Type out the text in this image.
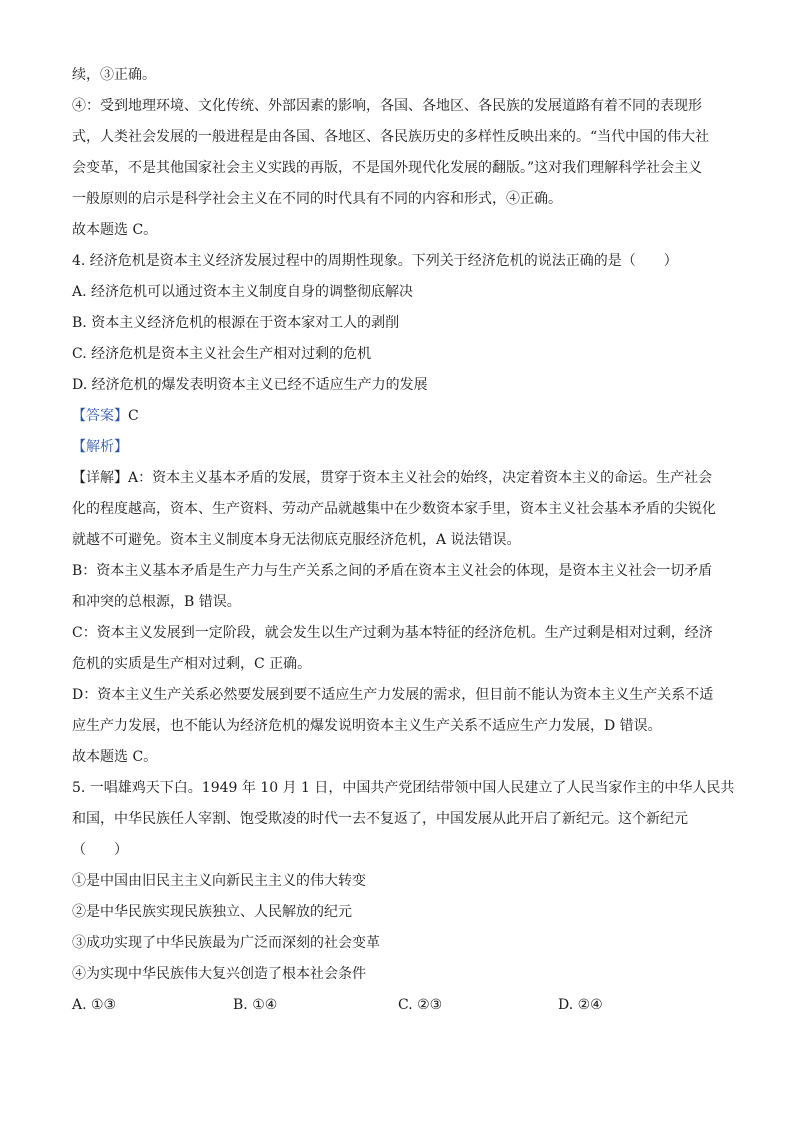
续，③正确。
④：受到地理环境、文化传统、外部因素的影响，各国、各地区、各民族的发展道路有着不同的表现形
式，人类社会发展的一般进程是由各国、各地区、各民族历史的多样性反映出来的。“当代中国的伟大社
会变革，不是其他国家社会主义实践的再版，不是国外现代化发展的翻版。”这对我们理解科学社会主义
一般原则的启示是科学社会主义在不同的时代具有不同的内容和形式，④正确。
故本题选 C。
4. 经济危机是资本主义经济发展过程中的周期性现象。下列关于经济危机的说法正确的是（　　）
A. 经济危机可以通过资本主义制度自身的调整彻底解决
B. 资本主义经济危机的根源在于资本家对工人的剥削
C. 经济危机是资本主义社会生产相对过剩的危机
D. 经济危机的爆发表明资本主义已经不适应生产力的发展
【答案】C
【解析】
【详解】A：资本主义基本矛盾的发展，贯穿于资本主义社会的始终，决定着资本主义的命运。生产社会
化的程度越高，资本、生产资料、劳动产品就越集中在少数资本家手里，资本主义社会基本矛盾的尖锐化
就越不可避免。资本主义制度本身无法彻底克服经济危机，A 说法错误。
B：资本主义基本矛盾是生产力与生产关系之间的矛盾在资本主义社会的体现，是资本主义社会一切矛盾
和冲突的总根源，B 错误。
C：资本主义发展到一定阶段，就会发生以生产过剩为基本特征的经济危机。生产过剩是相对过剩，经济
危机的实质是生产相对过剩，C 正确。
D：资本主义生产关系必然要发展到要不适应生产力发展的需求，但目前不能认为资本主义生产关系不适
应生产力发展，也不能认为经济危机的爆发说明资本主义生产关系不适应生产力发展，D 错误。
故本题选 C。
5. 一唱雄鸡天下白。1949 年 10 月 1 日，中国共产党团结带领中国人民建立了人民当家作主的中华人民共
和国，中华民族任人宰割、饱受欺凌的时代一去不复返了，中国发展从此开启了新纪元。这个新纪元
（　　）
①是中国由旧民主主义向新民主主义的伟大转变
②是中华民族实现民族独立、人民解放的纪元
③成功实现了中华民族最为广泛而深刻的社会变革
④为实现中华民族伟大复兴创造了根本社会条件
A. ①③	B. ①④	C. ②③	D. ②④
